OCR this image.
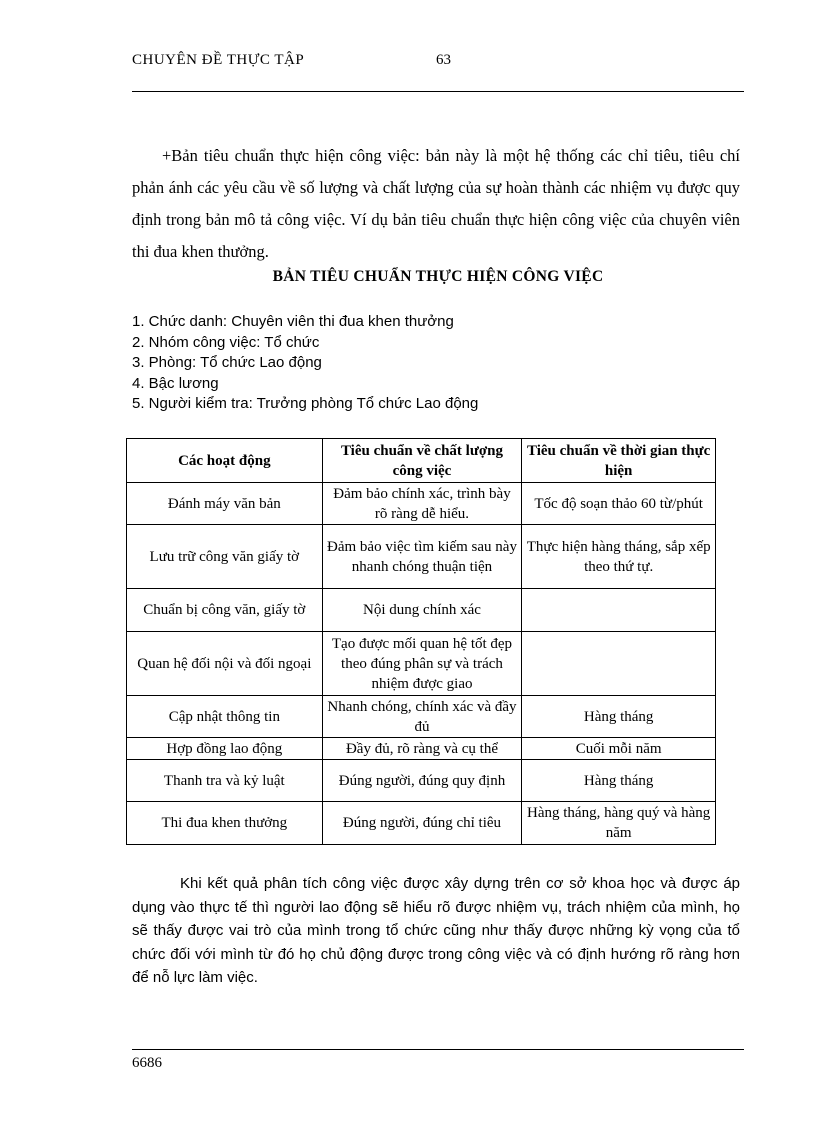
CHUYÊN ĐỀ THỰC TẬP	63

+Bản tiêu chuẩn thực hiện công việc: bản này là một hệ thống các chỉ tiêu, tiêu chí phản ánh các yêu cầu về số lượng và chất lượng của sự hoàn thành các nhiệm vụ được quy định trong bản mô tả công việc. Ví dụ bản tiêu chuẩn thực hiện công việc của chuyên viên thi đua khen thưởng.

BẢN TIÊU CHUẨN THỰC HIỆN CÔNG VIỆC
1. Chức danh: Chuyên viên thi đua khen thưởng
2. Nhóm công việc: Tổ chức
3. Phòng: Tổ chức Lao động
4. Bậc lương
5. Người kiểm tra: Trưởng phòng Tổ chức Lao động
Các hoạt động	Tiêu chuẩn về chất lượng công việc	Tiêu chuẩn về thời gian thực hiện
Đánh máy văn bản	Đảm bảo chính xác, trình bày rõ ràng dễ hiểu.	Tốc độ soạn thảo 60 từ/phút
Lưu trữ công văn giấy tờ	Đảm bảo việc tìm kiếm sau này nhanh chóng thuận tiện	Thực hiện hàng tháng, sắp xếp theo thứ tự.
Chuẩn bị công văn, giấy tờ	Nội dung chính xác	
Quan hệ đối nội và đối ngoại	Tạo được mối quan hệ tốt đẹp theo đúng phân sự và trách nhiệm được giao	
Cập nhật thông tin	Nhanh chóng, chính xác và đầy đủ	Hàng tháng
Hợp đồng lao động	Đầy đủ, rõ ràng và cụ thể	Cuối mỗi năm
Thanh tra và kỷ luật	Đúng người, đúng quy định	Hàng tháng
Thi đua khen thưởng	Đúng người, đúng chỉ tiêu	Hàng tháng, hàng quý và hàng năm

Khi kết quả phân tích công việc được xây dựng trên cơ sở khoa học và được áp dụng vào thực tế thì người lao động sẽ hiểu rõ được nhiệm vụ, trách nhiệm của mình, họ sẽ thấy được vai trò của mình trong tổ chức cũng như thấy được những kỳ vọng của tổ chức đối với mình từ đó họ chủ động được trong công việc và có định hướng rõ ràng hơn để nỗ lực làm việc.

6686
